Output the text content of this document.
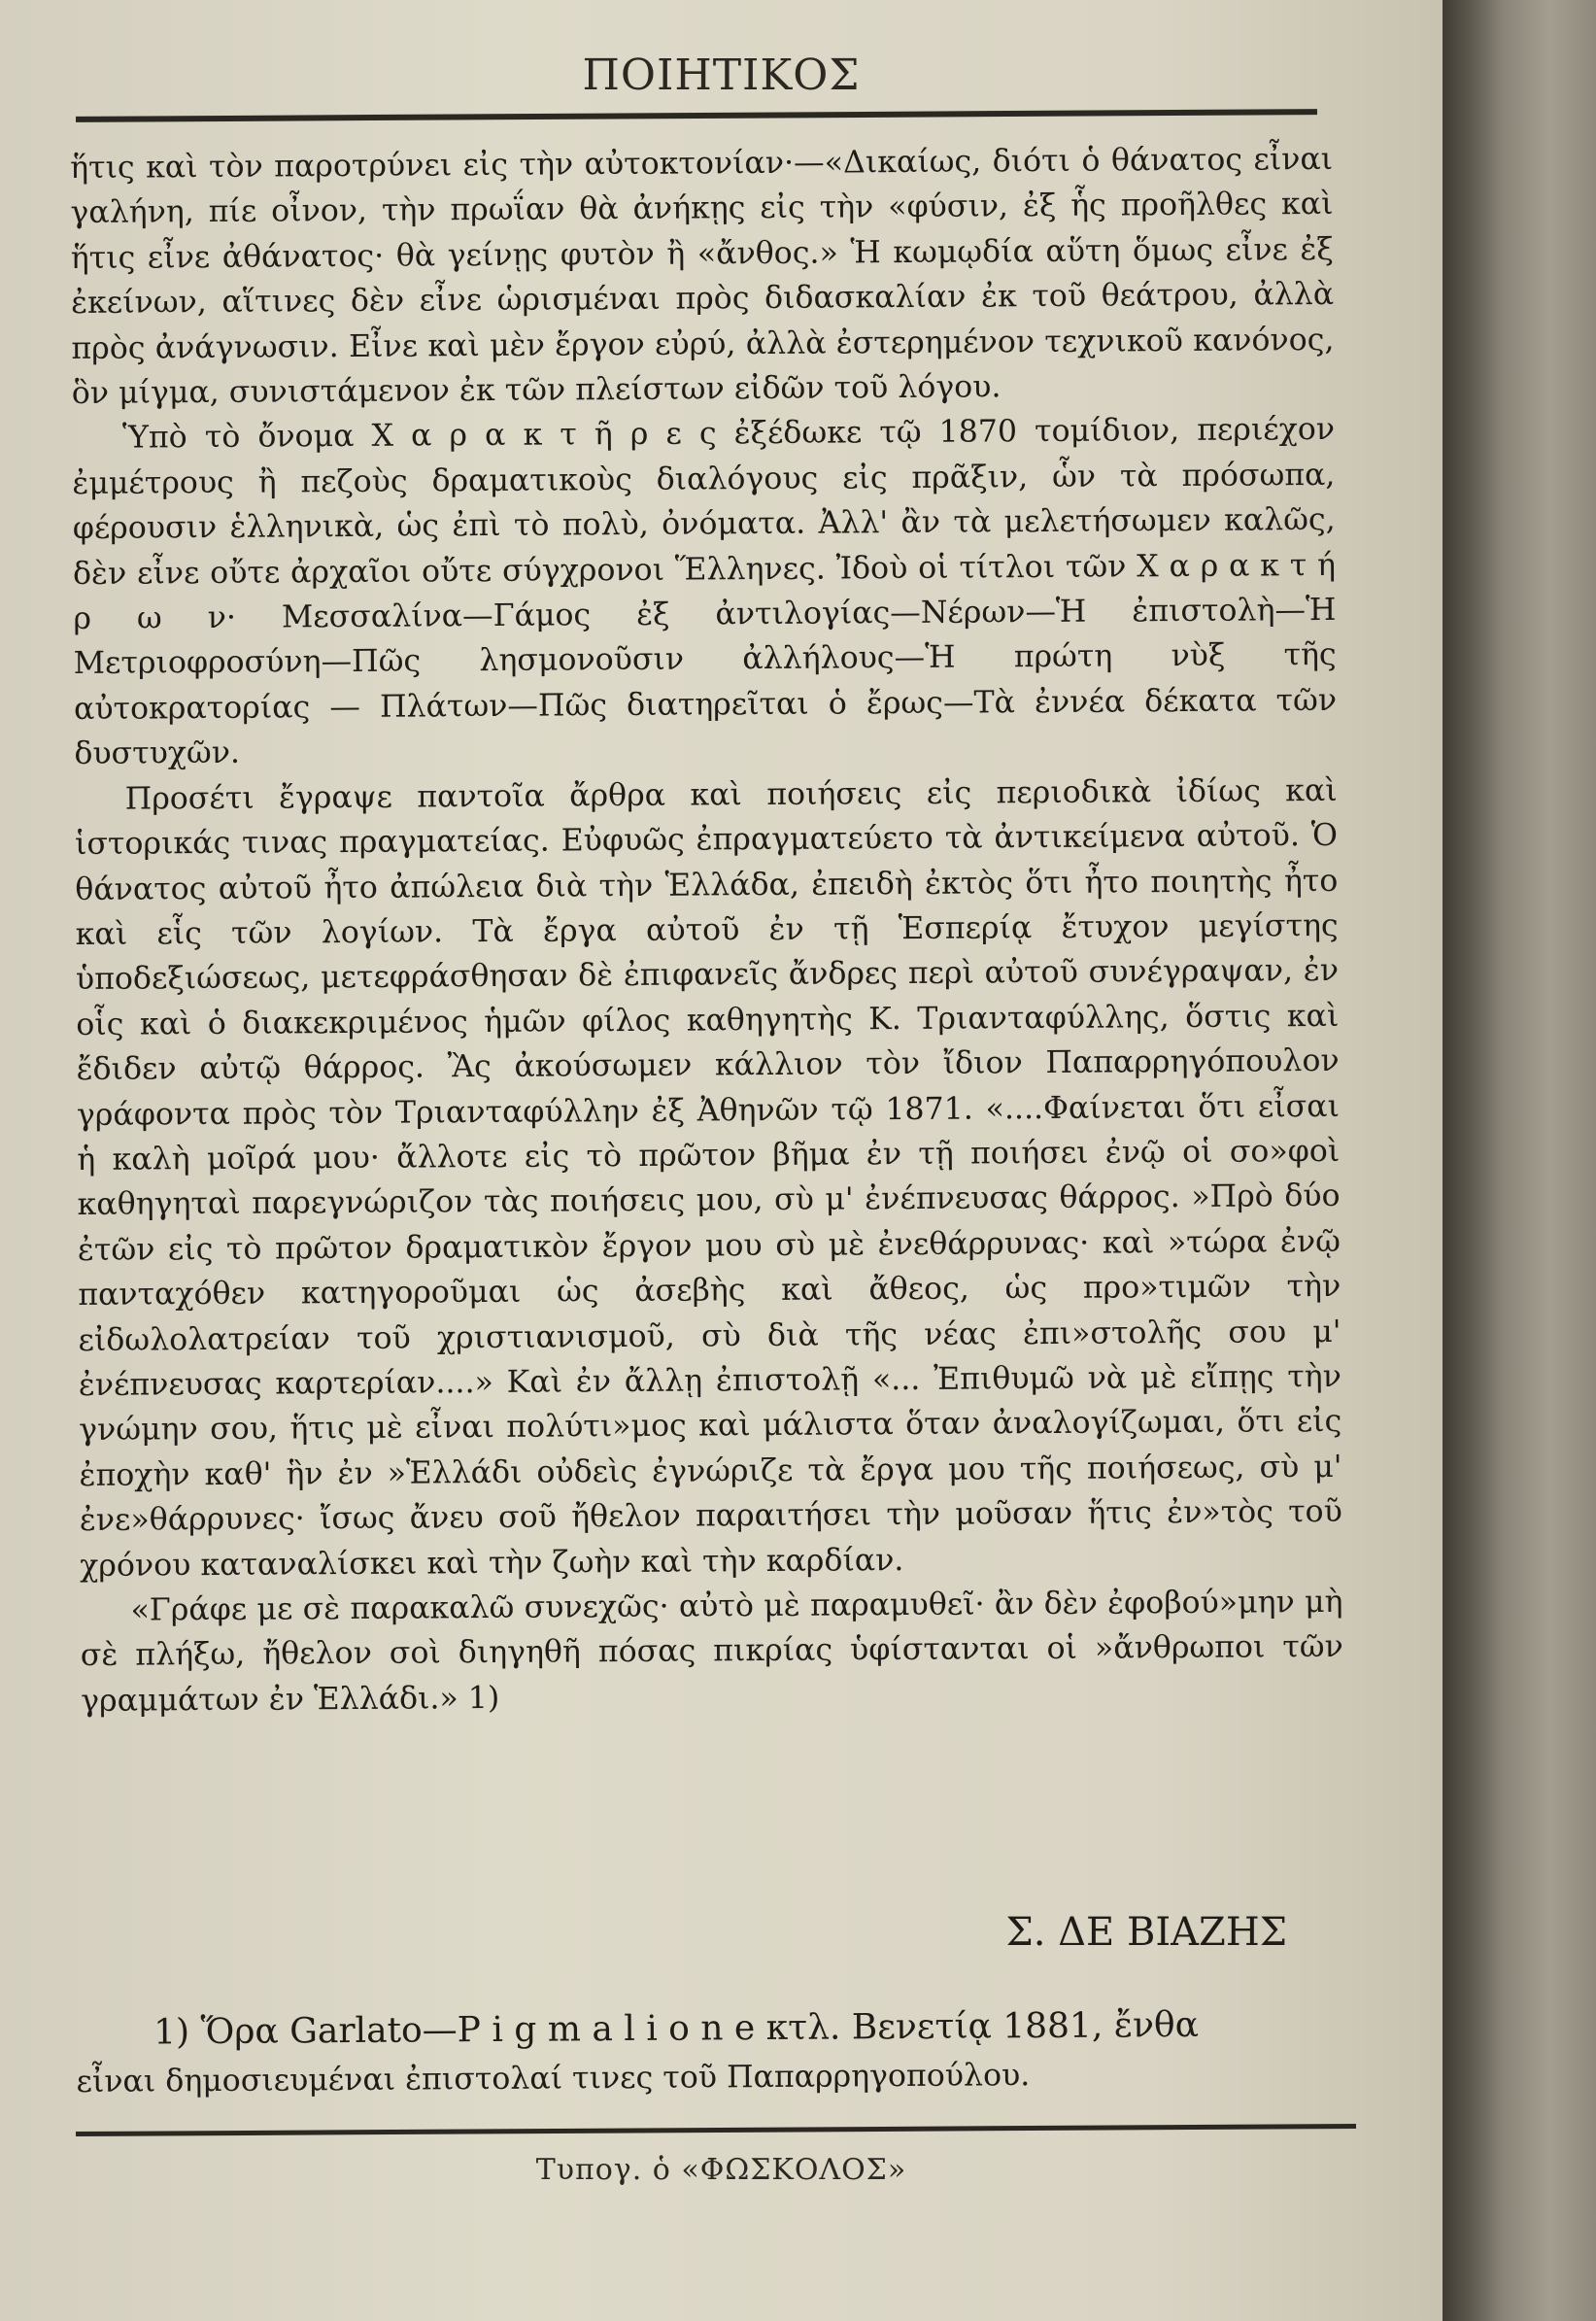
ΠΟΙΗΤΙΚΟΣ

ἥτις καὶ τὸν παροτρύνει εἰς τὴν αὐτοκτονίαν·—«Δικαίως, διότι ὁ θάνατος εἶναι γαλήνη, πίε οἶνον, τὴν πρωΐαν θὰ ἀνήκῃς εἰς τὴν «φύσιν, ἐξ ἧς προῆλθες καὶ ἥτις εἶνε ἀθάνατος· θὰ γείνῃς φυτὸν ἢ «ἄνθος.» Ἡ κωμῳδία αὕτη ὅμως εἶνε ἐξ ἐκείνων, αἵτινες δὲν εἶνε ὡρισμέναι πρὸς διδασκαλίαν ἐκ τοῦ θεάτρου, ἀλλὰ πρὸς ἀνάγνωσιν. Εἶνε καὶ μὲν ἔργον εὐρύ, ἀλλὰ ἐστερημένον τεχνικοῦ κανόνος, ὃν μίγμα, συνιστάμενον ἐκ τῶν πλείστων εἰδῶν τοῦ λόγου.

Ὑπὸ τὸ ὄνομα Χ α ρ α κ τ ῆ ρ ε ς ἐξέδωκε τῷ 1870 τομίδιον, περιέχον ἐμμέτρους ἢ πεζοὺς δραματικοὺς διαλόγους εἰς πρᾶξιν, ὧν τὰ πρόσωπα, φέρουσιν ἑλληνικὰ, ὡς ἐπὶ τὸ πολὺ, ὀνόματα. Ἀλλ' ἂν τὰ μελετήσωμεν καλῶς, δὲν εἶνε οὔτε ἀρχαῖοι οὔτε σύγχρονοι Ἕλληνες. Ἰδοὺ οἱ τίτλοι τῶν Χ α ρ α κ τ ή ρ ω ν· Μεσσαλίνα—Γάμος ἐξ ἀντιλογίας—Νέρων—Ἡ ἐπιστολὴ—Ἡ Μετριοφροσύνη—Πῶς λησμονοῦσιν ἀλλήλους—Ἡ πρώτη νὺξ τῆς αὐτοκρατορίας — Πλάτων—Πῶς διατηρεῖται ὁ ἔρως—Τὰ ἐννέα δέκατα τῶν δυστυχῶν.

Προσέτι ἔγραψε παντοῖα ἄρθρα καὶ ποιήσεις εἰς περιοδικὰ ἰδίως καὶ ἱστορικάς τινας πραγματείας. Εὐφυῶς ἐπραγματεύετο τὰ ἀντικείμενα αὐτοῦ. Ὁ θάνατος αὐτοῦ ἦτο ἀπώλεια διὰ τὴν Ἑλλάδα, ἐπειδὴ ἐκτὸς ὅτι ἦτο ποιητὴς ἦτο καὶ εἷς τῶν λογίων. Τὰ ἔργα αὐτοῦ ἐν τῇ Ἑσπερίᾳ ἔτυχον μεγίστης ὑποδεξιώσεως, μετεφράσθησαν δὲ ἐπιφανεῖς ἄνδρες περὶ αὐτοῦ συνέγραψαν, ἐν οἷς καὶ ὁ διακεκριμένος ἡμῶν φίλος καθηγητὴς Κ. Τριανταφύλλης, ὅστις καὶ ἔδιδεν αὐτῷ θάρρος. Ἂς ἀκούσωμεν κάλλιον τὸν ἴδιον Παπαρρηγόπουλον γράφοντα πρὸς τὸν Τριανταφύλλην ἐξ Ἀθηνῶν τῷ 1871. «....Φαίνεται ὅτι εἶσαι ἡ καλὴ μοῖρά μου· ἄλλοτε εἰς τὸ πρῶτον βῆμα ἐν τῇ ποιήσει ἐνῷ οἱ σο»φοὶ καθηγηταὶ παρεγνώριζον τὰς ποιήσεις μου, σὺ μ' ἐνέπνευσας θάρρος. »Πρὸ δύο ἐτῶν εἰς τὸ πρῶτον δραματικὸν ἔργον μου σὺ μὲ ἐνεθάρρυνας· καὶ »τώρα ἐνῷ πανταχόθεν κατηγοροῦμαι ὡς ἀσεβὴς καὶ ἄθεος, ὡς προ»τιμῶν τὴν εἰδωλολατρείαν τοῦ χριστιανισμοῦ, σὺ διὰ τῆς νέας ἐπι»στολῆς σου μ' ἐνέπνευσας καρτερίαν....» Καὶ ἐν ἄλλῃ ἐπιστολῇ «... Ἐπιθυμῶ νὰ μὲ εἴπῃς τὴν γνώμην σου, ἥτις μὲ εἶναι πολύτι»μος καὶ μάλιστα ὅταν ἀναλογίζωμαι, ὅτι εἰς ἐποχὴν καθ' ἣν ἐν »Ἑλλάδι οὐδεὶς ἐγνώριζε τὰ ἔργα μου τῆς ποιήσεως, σὺ μ' ἐνε»θάρρυνες· ἴσως ἄνευ σοῦ ἤθελον παραιτήσει τὴν μοῦσαν ἥτις ἐν»τὸς τοῦ χρόνου καταναλίσκει καὶ τὴν ζωὴν καὶ τὴν καρδίαν.

«Γράφε με σὲ παρακαλῶ συνεχῶς· αὐτὸ μὲ παραμυθεῖ· ἂν δὲν ἐφοβού»μην μὴ σὲ πλήξω, ἤθελον σοὶ διηγηθῆ πόσας πικρίας ὑφίστανται οἱ »ἄνθρωποι τῶν γραμμάτων ἐν Ἑλλάδι.» 1)

Σ. ΔΕ ΒΙΑΖΗΣ
1) Ὅρα Garlato—P i g m a l i o n e κτλ. Βενετίᾳ 1881, ἔνθα
εἶναι δημοσιευμέναι ἐπιστολαί τινες τοῦ Παπαρρηγοπούλου.
Τυπογ. ὁ «ΦΩΣΚΟΛΟΣ»
